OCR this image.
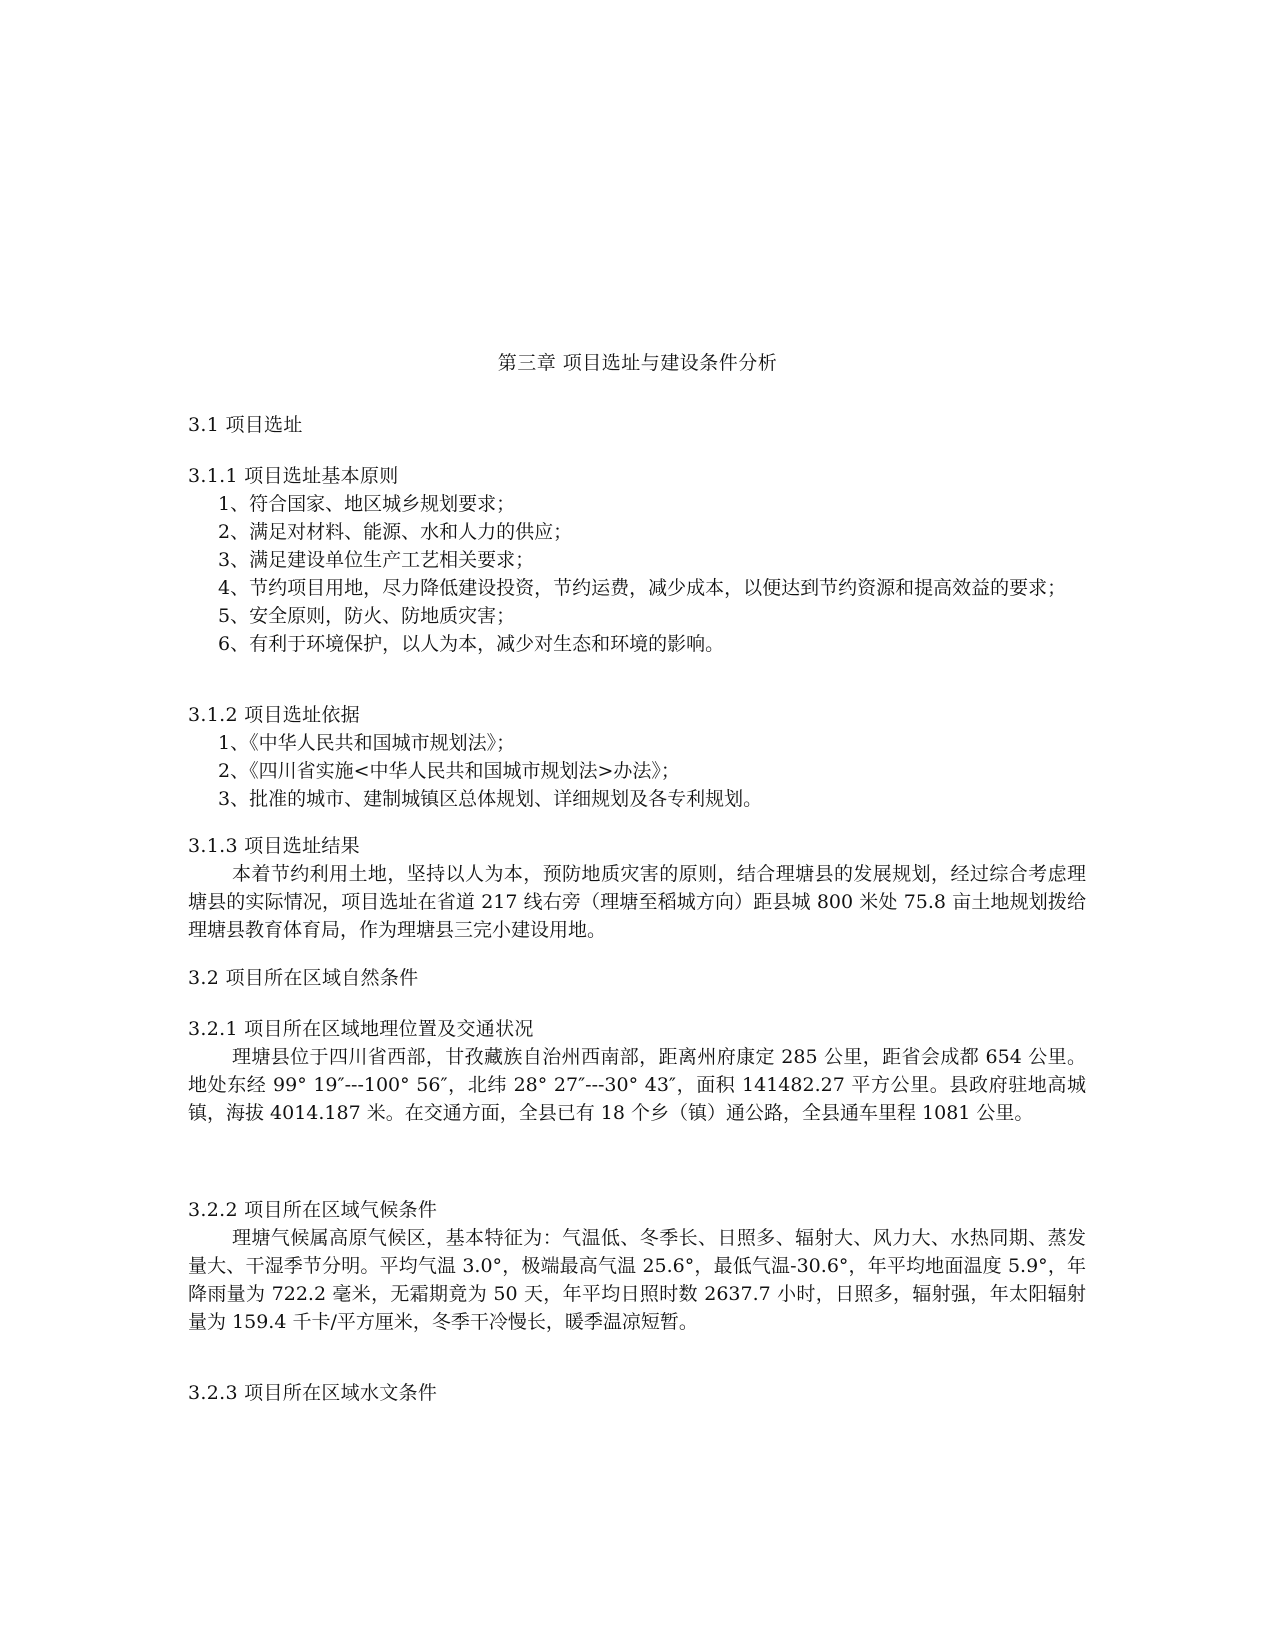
第三章 项目选址与建设条件分析
3.1 项目选址
3.1.1 项目选址基本原则
1、符合国家、地区城乡规划要求；
2、满足对材料、能源、水和人力的供应；
3、满足建设单位生产工艺相关要求；
4、节约项目用地，尽力降低建设投资，节约运费，减少成本，以便达到节约资源和提高效益的要求；
5、安全原则，防火、防地质灾害；
6、有利于环境保护，以人为本，减少对生态和环境的影响。
3.1.2 项目选址依据
1、《中华人民共和国城市规划法》；
2、《四川省实施<中华人民共和国城市规划法>办法》；
3、批准的城市、建制城镇区总体规划、详细规划及各专利规划。
3.1.3 项目选址结果
本着节约利用土地，坚持以人为本，预防地质灾害的原则，结合理塘县的发展规划，经过综合考虑理塘县的实际情况，项目选址在省道 217 线右旁（理塘至稻城方向）距县城 800 米处 75.8 亩土地规划拨给理塘县教育体育局，作为理塘县三完小建设用地。
3.2 项目所在区域自然条件
3.2.1 项目所在区域地理位置及交通状况
理塘县位于四川省西部，甘孜藏族自治州西南部，距离州府康定 285 公里，距省会成都 654 公里。地处东经 99° 19″---100° 56″，北纬 28° 27″---30° 43″，面积 141482.27 平方公里。县政府驻地高城镇，海拔 4014.187 米。在交通方面，全县已有 18 个乡（镇）通公路，全县通车里程 1081 公里。
3.2.2 项目所在区域气候条件
理塘气候属高原气候区，基本特征为：气温低、冬季长、日照多、辐射大、风力大、水热同期、蒸发量大、干湿季节分明。平均气温 3.0°，极端最高气温 25.6°，最低气温-30.6°，年平均地面温度 5.9°，年降雨量为 722.2 毫米，无霜期竟为 50 天，年平均日照时数 2637.7 小时，日照多，辐射强，年太阳辐射量为 159.4 千卡/平方厘米，冬季干冷慢长，暖季温凉短暂。
3.2.3 项目所在区域水文条件
